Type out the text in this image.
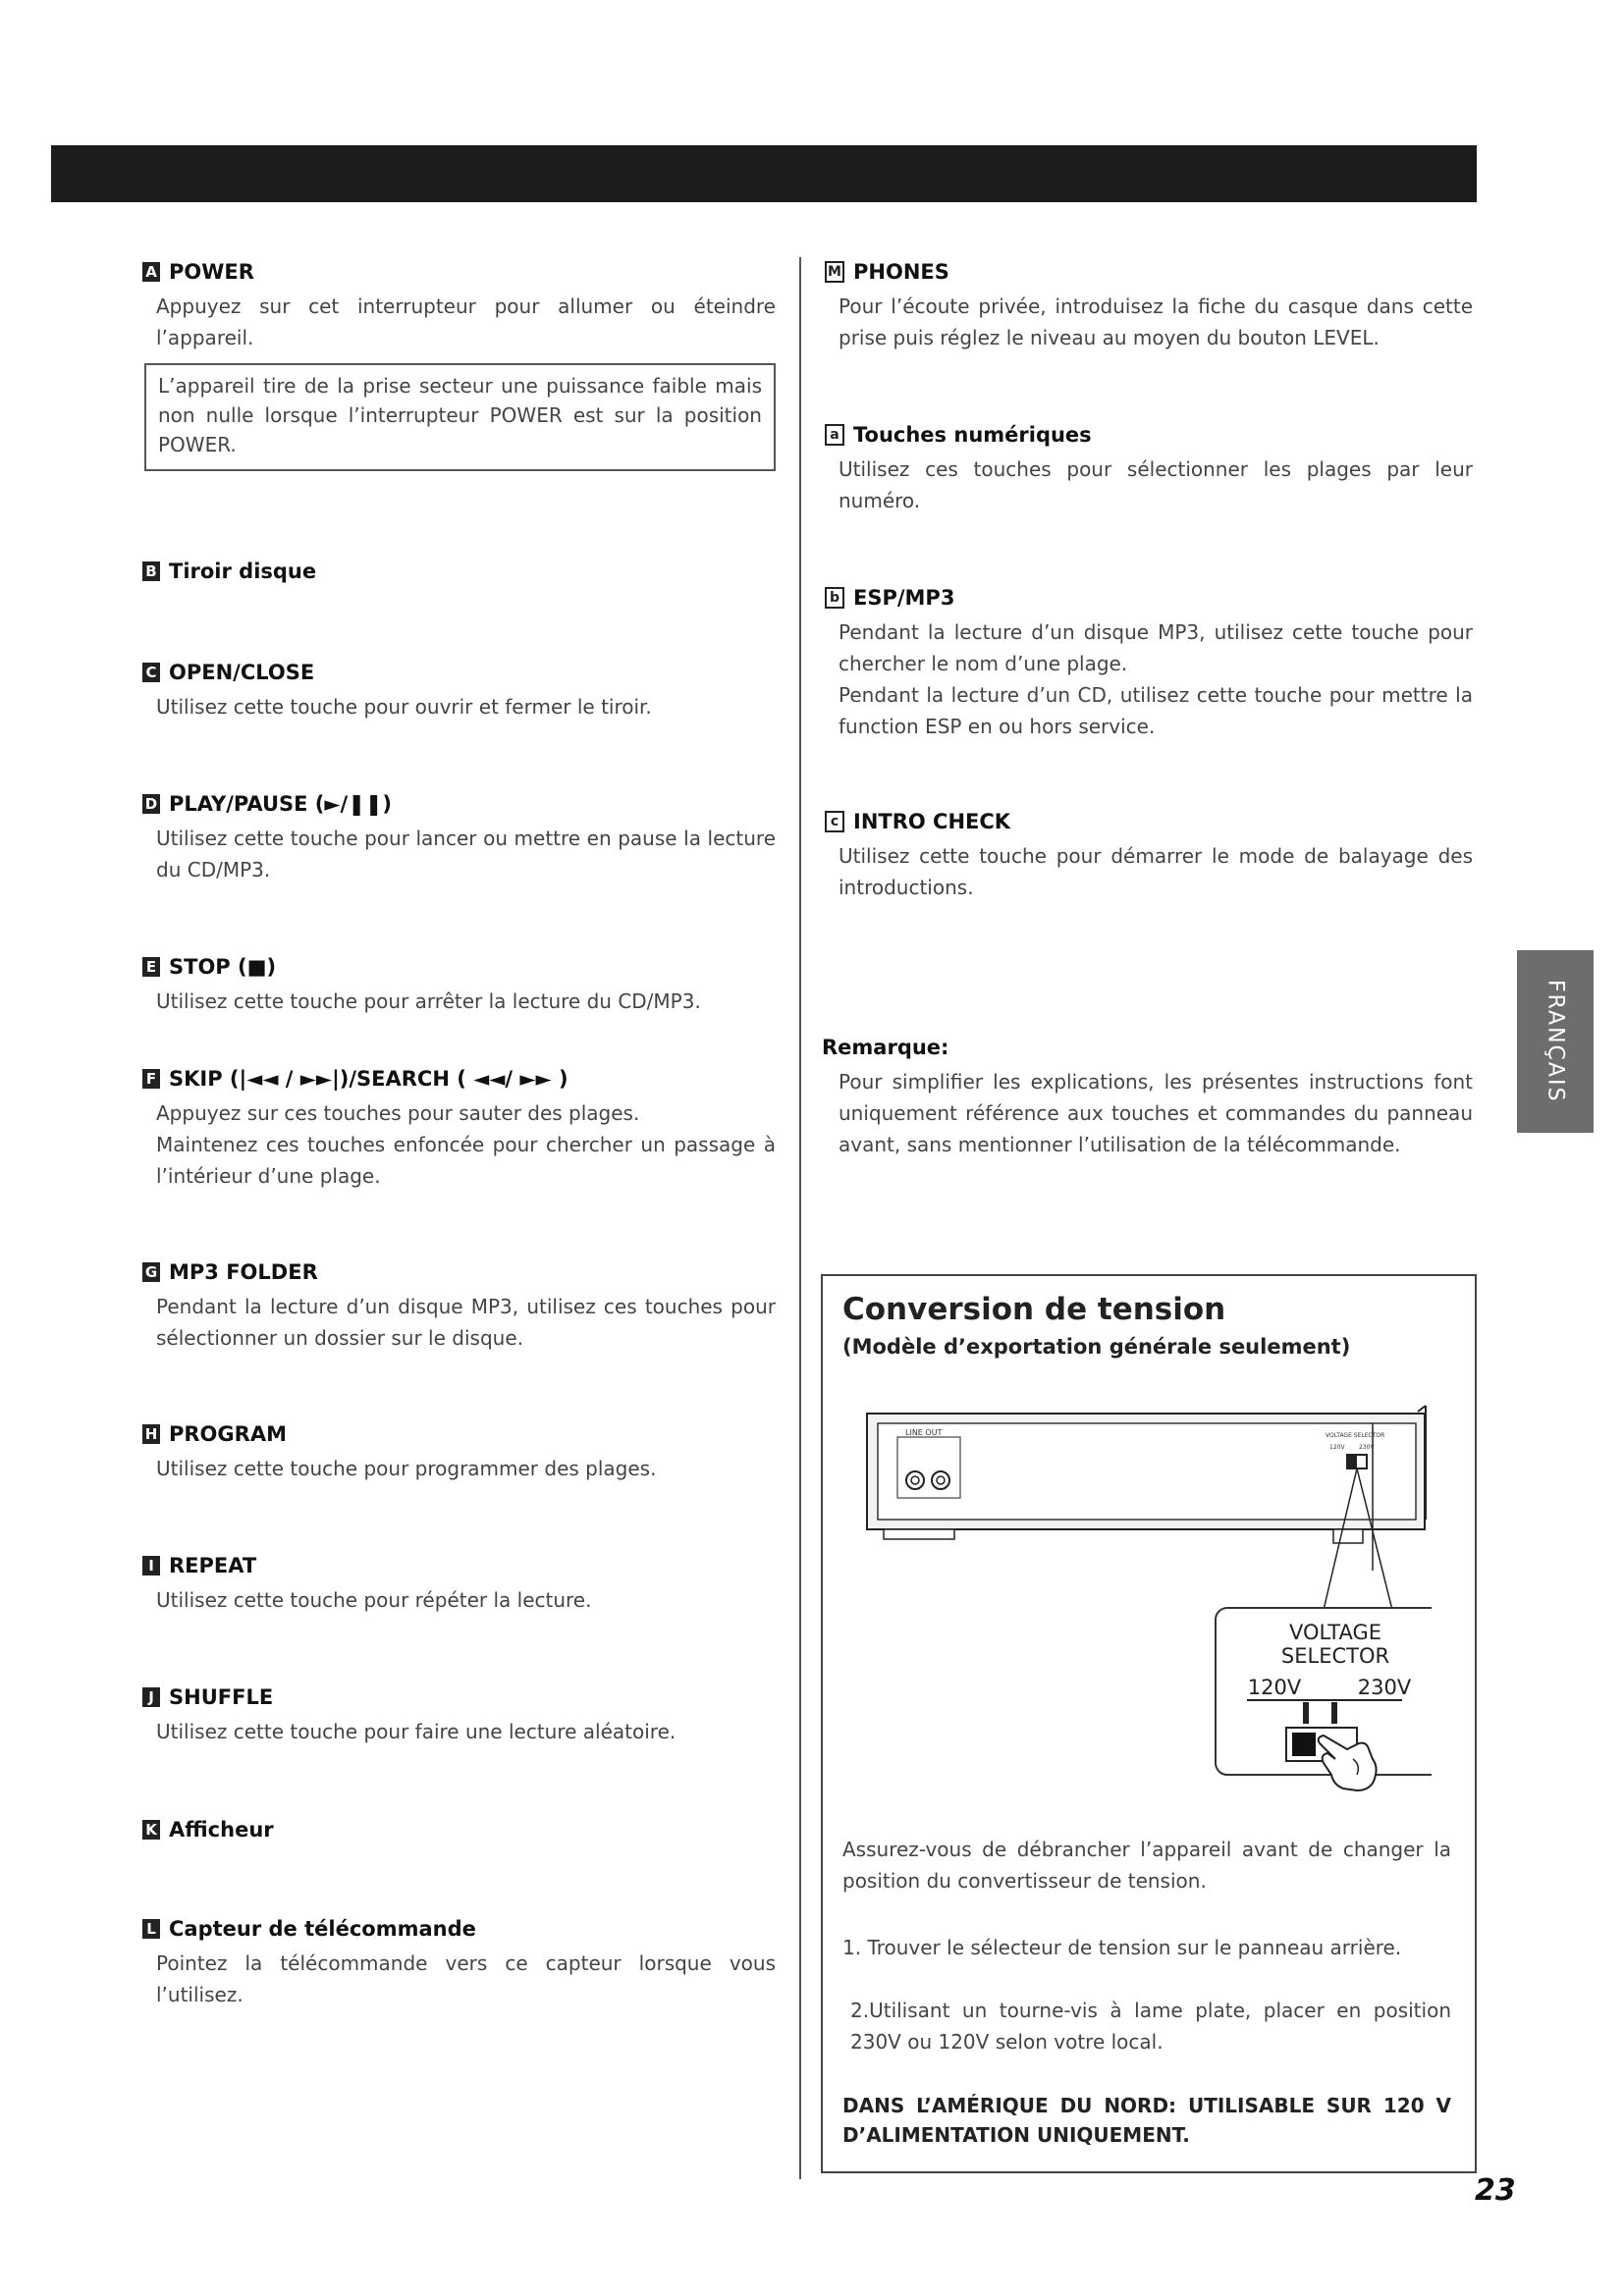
A POWER

Appuyez sur cet interrupteur pour allumer ou éteindre l’appareil.

L’appareil tire de la prise secteur une puissance faible mais non nulle lorsque l’interrupteur POWER est sur la position POWER.
B Tiroir disque
C OPEN/CLOSE

Utilisez cette touche pour ouvrir et fermer le tiroir.

D PLAY/PAUSE (►/❚❚)

Utilisez cette touche pour lancer ou mettre en pause la lecture du CD/MP3.

E STOP (■)

Utilisez cette touche pour arrêter la lecture du CD/MP3.

F SKIP (|◄◄ / ►►|)/SEARCH ( ◄◄/ ►► )

Appuyez sur ces touches pour sauter des plages.

Maintenez ces touches enfoncée pour chercher un passage à l’intérieur d’une plage.

G MP3 FOLDER

Pendant la lecture d’un disque MP3, utilisez ces touches pour sélectionner un dossier sur le disque.

H PROGRAM

Utilisez cette touche pour programmer des plages.

I REPEAT

Utilisez cette touche pour répéter la lecture.

J SHUFFLE

Utilisez cette touche pour faire une lecture aléatoire.

K Afficheur
L Capteur de télécommande

Pointez la télécommande vers ce capteur lorsque vous l’utilisez.

M PHONES

Pour l’écoute privée, introduisez la fiche du casque dans cette prise puis réglez le niveau au moyen du bouton LEVEL.

a Touches numériques

Utilisez ces touches pour sélectionner les plages par leur numéro.

b ESP/MP3

Pendant la lecture d’un disque MP3, utilisez cette touche pour chercher le nom d’une plage.

Pendant la lecture d’un CD, utilisez cette touche pour mettre la function ESP en ou hors service.

c INTRO CHECK

Utilisez cette touche pour démarrer le mode de balayage des introductions.

Remarque:
Pour simplifier les explications, les présentes instructions font uniquement référence aux touches et commandes du panneau avant, sans mentionner l’utilisation de la télécommande.
FRANÇAIS
Conversion de tension
(Modèle d’exportation générale seulement)
LINE OUT	VOLTAGE SELECTOR
120V 230V
VOLTAGE
SELECTOR
120V	230V
Assurez-vous de débrancher l’appareil avant de changer la position du convertisseur de tension.
1. Trouver le sélecteur de tension sur le panneau arrière.
2.Utilisant un tourne-vis à lame plate, placer en position 230V ou 120V selon votre local.
DANS L’AMÉRIQUE DU NORD: UTILISABLE SUR 120 V D’ALIMENTATION UNIQUEMENT.
23
